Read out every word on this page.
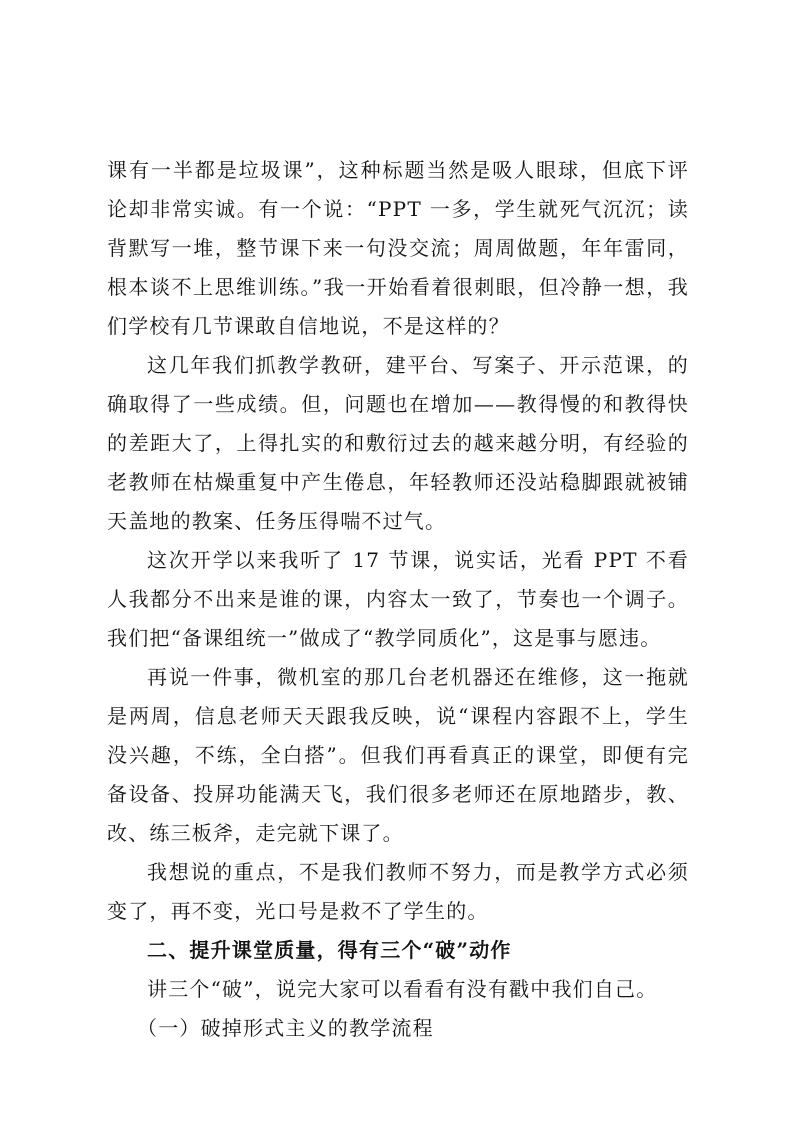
课有一半都是垃圾课”，这种标题当然是吸人眼球，但底下评论却非常实诚。有一个说：“PPT 一多，学生就死气沉沉；读背默写一堆，整节课下来一句没交流；周周做题，年年雷同，根本谈不上思维训练。”我一开始看着很刺眼，但冷静一想，我们学校有几节课敢自信地说，不是这样的？

这几年我们抓教学教研，建平台、写案子、开示范课，的确取得了一些成绩。但，问题也在增加——教得慢的和教得快的差距大了，上得扎实的和敷衍过去的越来越分明，有经验的老教师在枯燥重复中产生倦息，年轻教师还没站稳脚跟就被铺天盖地的教案、任务压得喘不过气。

这次开学以来我听了 17 节课，说实话，光看 PPT 不看人我都分不出来是谁的课，内容太一致了，节奏也一个调子。我们把“备课组统一”做成了“教学同质化”，这是事与愿违。

再说一件事，微机室的那几台老机器还在维修，这一拖就是两周，信息老师天天跟我反映，说“课程内容跟不上，学生没兴趣，不练，全白搭”。但我们再看真正的课堂，即便有完备设备、投屏功能满天飞，我们很多老师还在原地踏步，教、改、练三板斧，走完就下课了。

我想说的重点，不是我们教师不努力，而是教学方式必须变了，再不变，光口号是救不了学生的。

二、提升课堂质量，得有三个“破”动作

讲三个“破”，说完大家可以看看有没有戳中我们自己。

（一）破掉形式主义的教学流程
